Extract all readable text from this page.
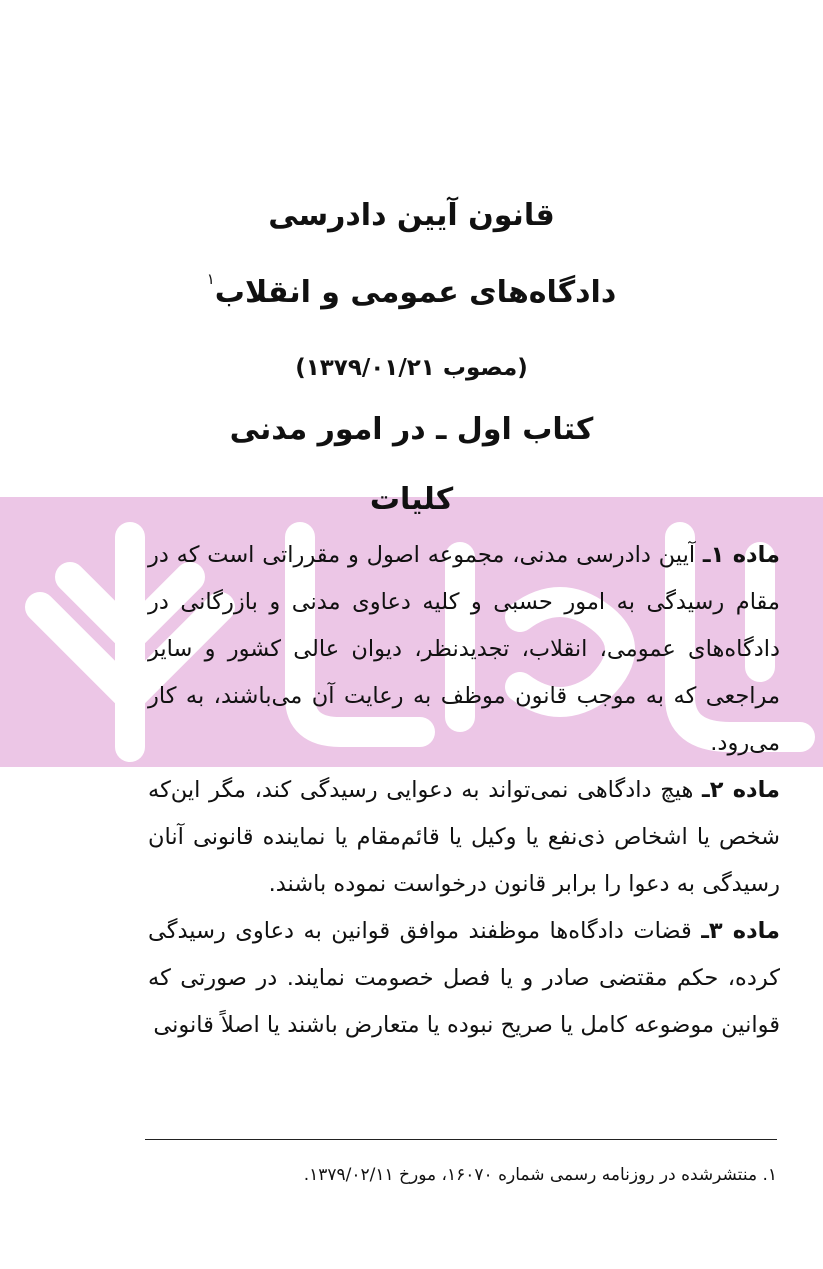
قانون آیین دادرسی
دادگاه‌های عمومی و انقلاب$^۱$
(مصوب ۱۳۷۹/۰۱/۲۱)
کتاب اول ـ در امور مدنی
کلیات

ماده ۱ـ آیین دادرسی مدنی، مجموعه اصول و مقرراتی است که در مقام رسیدگی به امور حسبی و کلیه دعاوی مدنی و بازرگانی در دادگاه‌های عمومی، انقلاب، تجدیدنظر، دیوان عالی کشور و سایر مراجعی که به موجب قانون موظف به رعایت آن می‌باشند، به کار می‌رود.

ماده ۲ـ هیچ دادگاهی نمی‌تواند به دعوایی رسیدگی کند، مگر این‌که شخص یا اشخاص ذی‌نفع یا وکیل یا قائم‌مقام یا نماینده قانونی آنان رسیدگی به دعوا را برابر قانون درخواست نموده باشند.

ماده ۳ـ قضات دادگاه‌ها موظفند موافق قوانین به دعاوی رسیدگی کرده، حکم مقتضی صادر و یا فصل خصومت نمایند. در صورتی که قوانین موضوعه کامل یا صریح نبوده یا متعارض باشند یا اصلاً قانونی

۱. منتشرشده در روزنامه رسمی شماره ۱۶۰۷۰، مورخ ۱۳۷۹/۰۲/۱۱.
